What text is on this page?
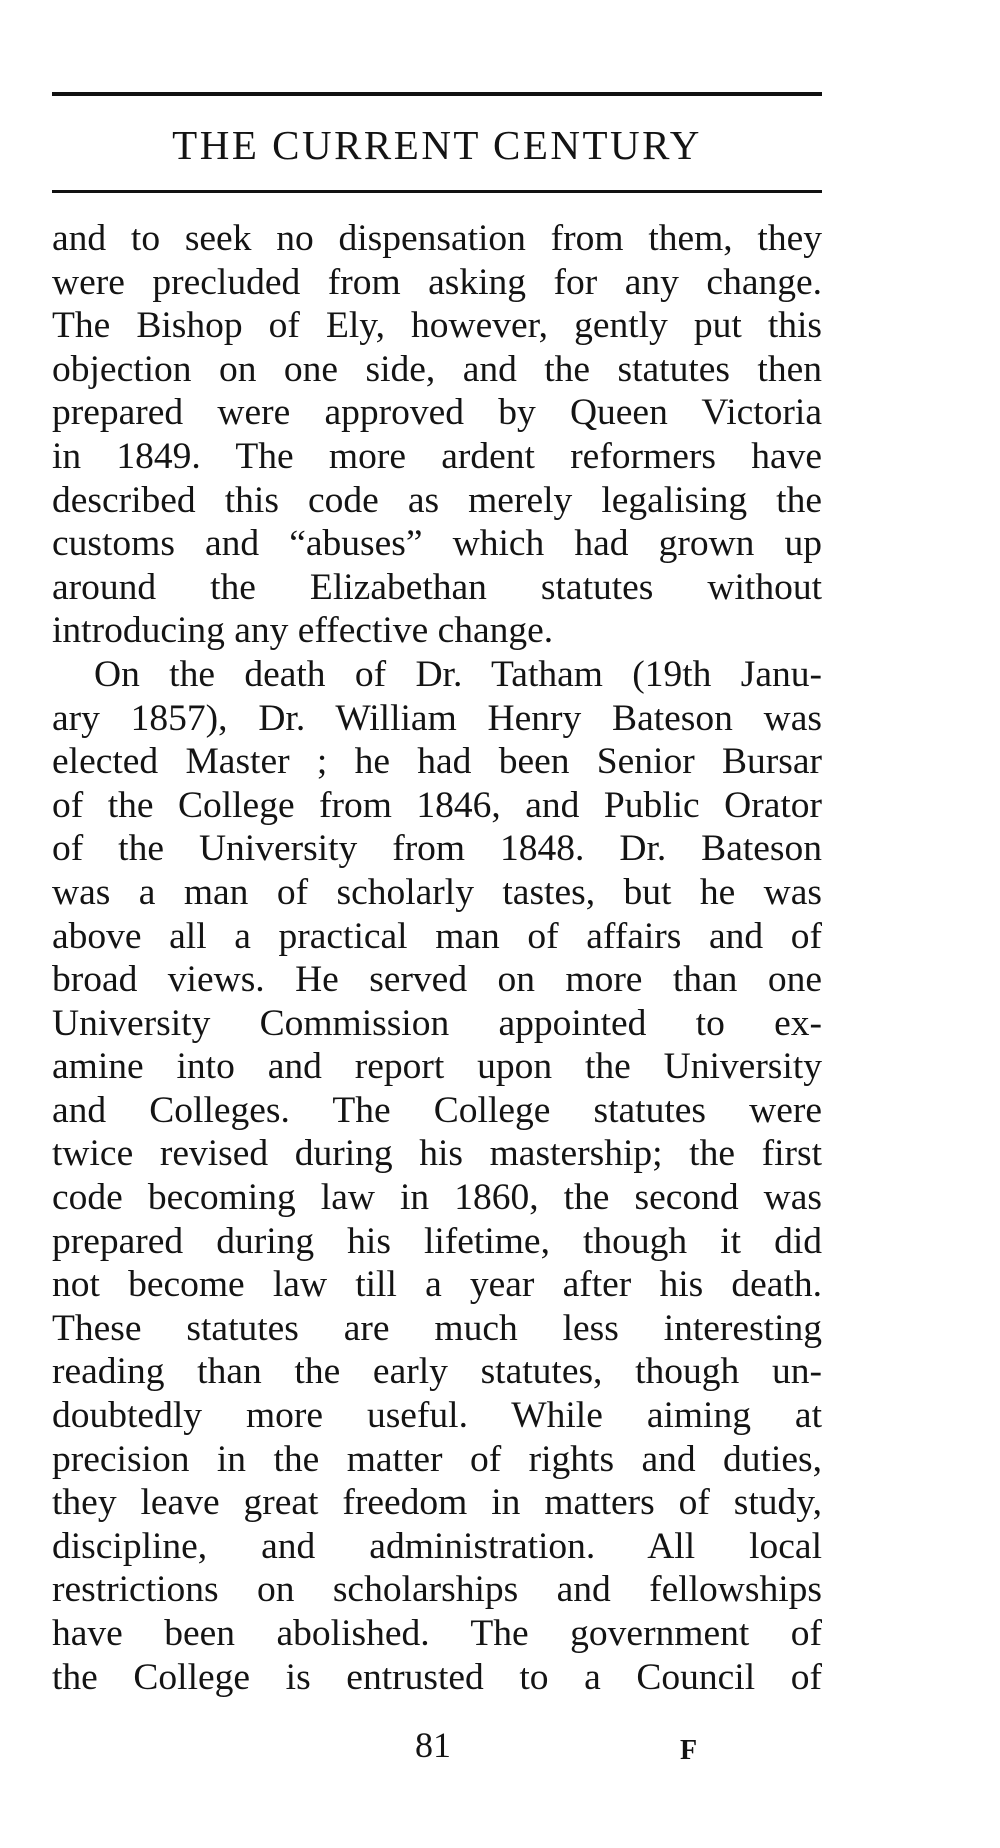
THE CURRENT CENTURY
and to seek no dispensation from them, they
were precluded from asking for any change.
The Bishop of Ely, however, gently put this
objection on one side, and the statutes then
prepared were approved by Queen Victoria
in 1849. The more ardent reformers have
described this code as merely legalising the
customs and “abuses” which had grown up
around the Elizabethan statutes without
introducing any effective change.
On the death of Dr. Tatham (19th Janu-
ary 1857), Dr. William Henry Bateson was
elected Master ; he had been Senior Bursar
of the College from 1846, and Public Orator
of the University from 1848. Dr. Bateson
was a man of scholarly tastes, but he was
above all a practical man of affairs and of
broad views. He served on more than one
University Commission appointed to ex-
amine into and report upon the University
and Colleges. The College statutes were
twice revised during his mastership; the first
code becoming law in 1860, the second was
prepared during his lifetime, though it did
not become law till a year after his death.
These statutes are much less interesting
reading than the early statutes, though un-
doubtedly more useful. While aiming at
precision in the matter of rights and duties,
they leave great freedom in matters of study,
discipline, and administration. All local
restrictions on scholarships and fellowships
have been abolished. The government of
the College is entrusted to a Council of
81	F
